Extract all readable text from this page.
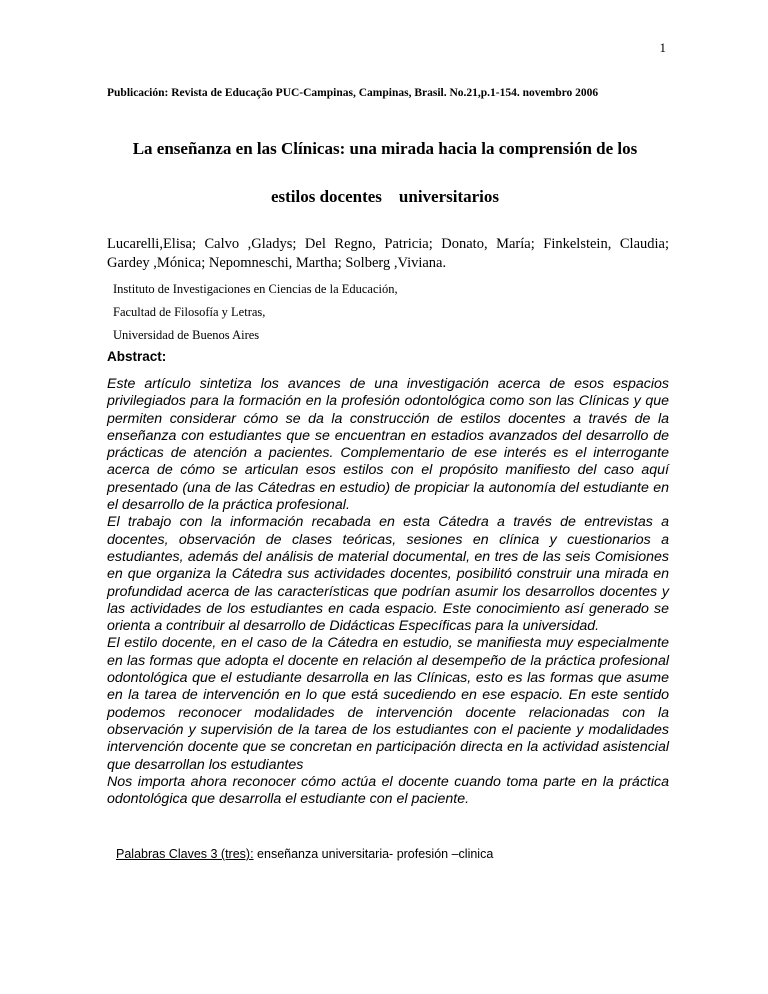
1
Publicación: Revista de Educação PUC-Campinas, Campinas, Brasil. No.21,p.1-154. novembro 2006
La enseñanza en las Clínicas: una mirada hacia la comprensión de los
estilos docentes    universitarios
Lucarelli,Elisa; Calvo ,Gladys; Del Regno, Patricia; Donato, María; Finkelstein, Claudia; Gardey ,Mónica; Nepomneschi, Martha; Solberg ,Viviana.
Instituto de Investigaciones en Ciencias de la Educación,
Facultad de Filosofía y Letras,
Universidad de Buenos Aires
Abstract:

Este artículo sintetiza los avances de una investigación acerca de esos espacios privilegiados para la formación en la profesión odontológica como son las Clínicas y que permiten considerar cómo se da la construcción de estilos docentes a través de la enseñanza con estudiantes que se encuentran en estadios avanzados del desarrollo de prácticas de atención a pacientes. Complementario de ese interés es el interrogante acerca de cómo se articulan esos estilos con el propósito manifiesto del caso aquí presentado (una de las Cátedras en estudio) de propiciar la autonomía del estudiante en el desarrollo de la práctica profesional.

El trabajo con la información recabada en esta Cátedra a través de entrevistas a docentes, observación de clases teóricas, sesiones en clínica y cuestionarios a estudiantes, además del análisis de material documental, en tres de las seis Comisiones en que organiza la Cátedra sus actividades docentes, posibilitó construir una mirada en profundidad acerca de las características que podrían asumir los desarrollos docentes y las actividades de los estudiantes en cada espacio. Este conocimiento así generado se orienta a contribuir al desarrollo de Didácticas Específicas para la universidad.

El estilo docente, en el caso de la Cátedra en estudio, se manifiesta muy especialmente en las formas que adopta el docente en relación al desempeño de la práctica profesional odontológica que el estudiante desarrolla en las Clínicas, esto es las formas que asume en la tarea de intervención en lo que está sucediendo en ese espacio. En este sentido podemos reconocer modalidades de intervención docente relacionadas con la observación y supervisión de la tarea de los estudiantes con el paciente y modalidades intervención docente que se concretan en participación directa en la actividad asistencial que desarrollan los estudiantes

Nos importa ahora reconocer cómo actúa el docente cuando toma parte en la práctica odontológica que desarrolla el estudiante con el paciente.

Palabras Claves 3 (tres): enseñanza universitaria- profesión –clinica
